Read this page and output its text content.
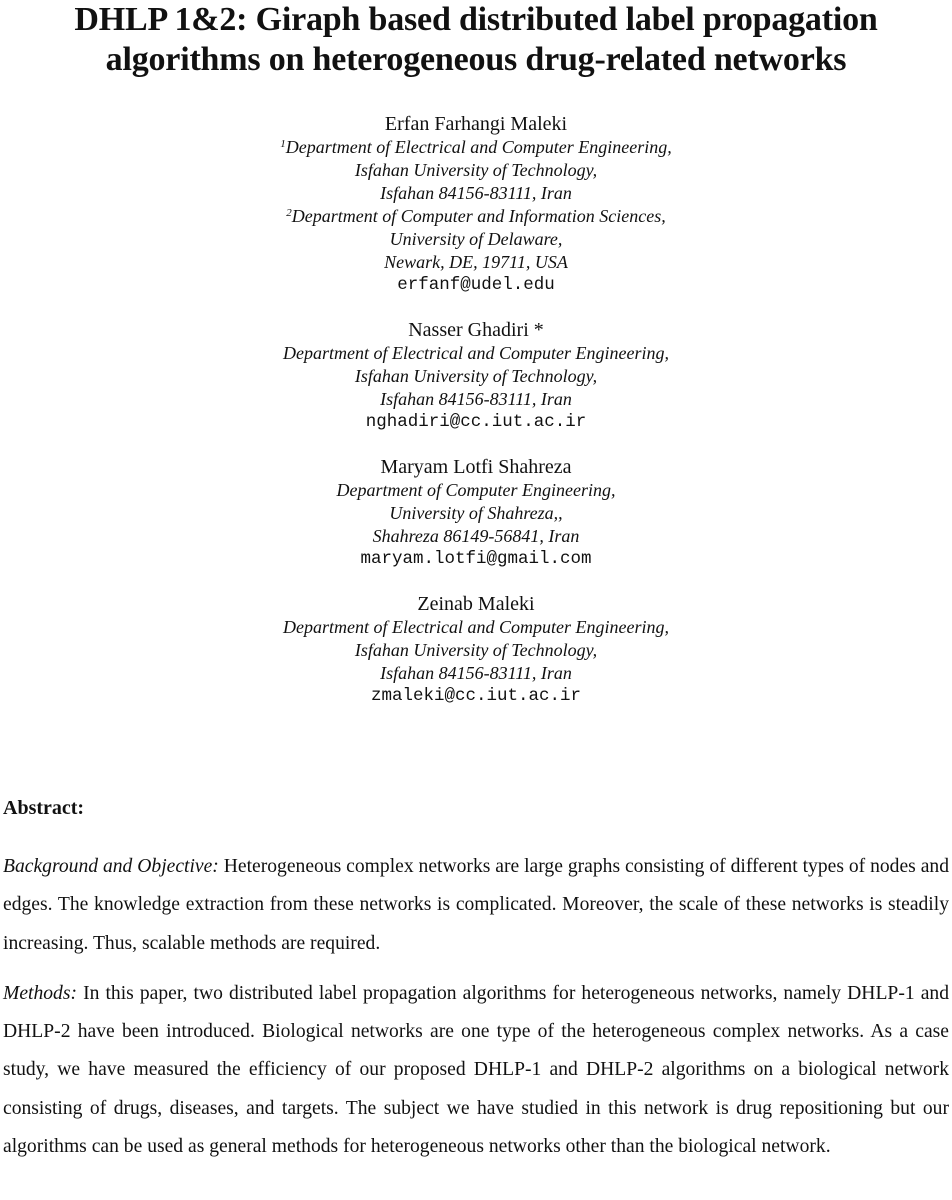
DHLP 1&2: Giraph based distributed label propagation
algorithms on heterogeneous drug-related networks
Erfan Farhangi Maleki
$^1$Department of Electrical and Computer Engineering,
Isfahan University of Technology,
Isfahan 84156-83111, Iran
$^2$Department of Computer and Information Sciences,
University of Delaware,
Newark, DE, 19711, USA
erfanf@udel.edu
Nasser Ghadiri *
Department of Electrical and Computer Engineering,
Isfahan University of Technology,
Isfahan 84156-83111, Iran
nghadiri@cc.iut.ac.ir
Maryam Lotfi Shahreza
Department of Computer Engineering,
University of Shahreza,,
Shahreza 86149-56841, Iran
maryam.lotfi@gmail.com
Zeinab Maleki
Department of Electrical and Computer Engineering,
Isfahan University of Technology,
Isfahan 84156-83111, Iran
zmaleki@cc.iut.ac.ir
Abstract:

Background and Objective: Heterogeneous complex networks are large graphs consisting of different types of nodes and edges. The knowledge extraction from these networks is complicated. Moreover, the scale of these networks is steadily increasing. Thus, scalable methods are required.

Methods: In this paper, two distributed label propagation algorithms for heterogeneous networks, namely DHLP-1 and DHLP-2 have been introduced. Biological networks are one type of the heterogeneous complex networks. As a case study, we have measured the efficiency of our proposed DHLP-1 and DHLP-2 algorithms on a biological network consisting of drugs, diseases, and targets. The subject we have studied in this network is drug repositioning but our algorithms can be used as general methods for heterogeneous networks other than the biological network.
